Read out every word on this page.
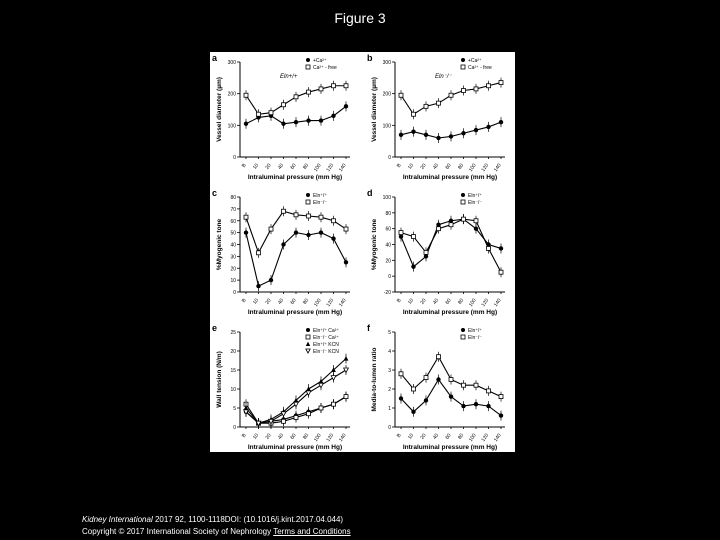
Figure 3
a
0
100
200
300
B 10 20 40 60 80 100 120 140
Intraluminal pressure (mm Hg)
Vessel diameter (µm)
+Ca²⁺
Ca²⁺ - free
Eln+/+
b
0
100
200
300
B 10 20 40 60 80 100 120 140
Intraluminal pressure (mm Hg)
Vessel diameter (µm)
+Ca²⁺
Ca²⁺ - free
Eln⁻/⁻
c
0
10
20
30
40
50
60
70
80
B 10 20 40 60 80 100 120 140
Intraluminal pressure (mm Hg)
%Myogenic tone
Eln⁺/⁺
Eln⁻/⁻
d
-20
0
20
40
60
80
100
B 10 20 40 60 80 100 120 140
Intraluminal pressure (mm Hg)
%Myogenic tone
Eln⁺/⁺
Eln⁻/⁻
e
0
5
10
15
20
25
B 10 20 40 60 80 100 120 140
Intraluminal pressure (mm Hg)
Wall tension (N/m)
Eln⁺/⁺ Ca²⁺
Eln⁻/⁻ Ca²⁺
Eln⁺/⁺ KCN
Eln⁻/⁻ KCN
f
0
1
2
3
4
5
B 10 20 40 60 80 100 120 140
Intraluminal pressure (mm Hg)
Media-to-lumen ratio
Eln⁺/⁺
Eln⁻/⁻
Kidney International 2017 92, 1100-1118DOI: (10.1016/j.kint.2017.04.044)
Copyright © 2017 International Society of Nephrology Terms and Conditions
